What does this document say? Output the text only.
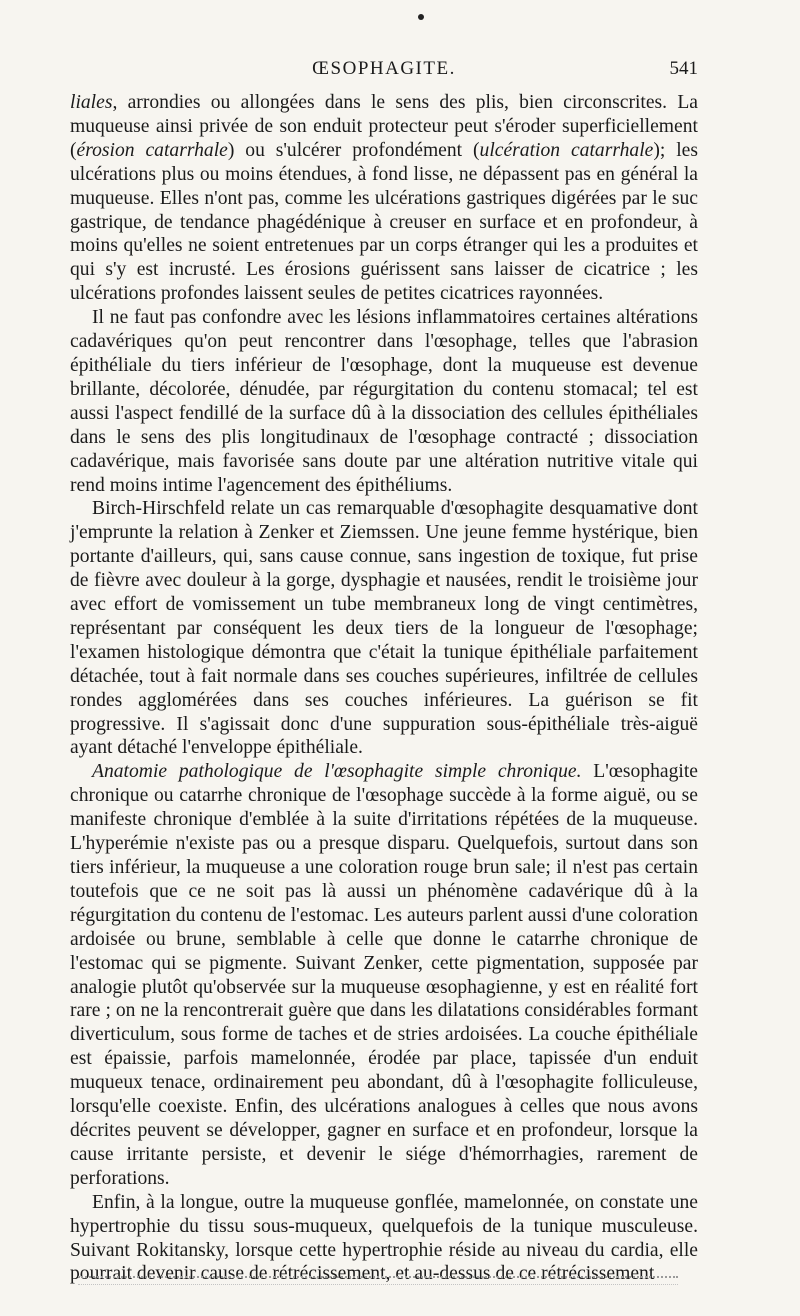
ŒSOPHAGITE.	541

liales, arrondies ou allongées dans le sens des plis, bien circonscrites. La muqueuse ainsi privée de son enduit protecteur peut s'éroder superficiellement (érosion catarrhale) ou s'ulcérer profondément (ulcération catarrhale); les ulcérations plus ou moins étendues, à fond lisse, ne dépassent pas en général la muqueuse. Elles n'ont pas, comme les ulcérations gastriques digérées par le suc gastrique, de tendance phagédénique à creuser en surface et en profondeur, à moins qu'elles ne soient entretenues par un corps étranger qui les a produites et qui s'y est incrusté. Les érosions guérissent sans laisser de cicatrice ; les ulcérations profondes laissent seules de petites cicatrices rayonnées.

Il ne faut pas confondre avec les lésions inflammatoires certaines altérations cadavériques qu'on peut rencontrer dans l'œsophage, telles que l'abrasion épithéliale du tiers inférieur de l'œsophage, dont la muqueuse est devenue brillante, décolorée, dénudée, par régurgitation du contenu stomacal; tel est aussi l'aspect fendillé de la surface dû à la dissociation des cellules épithéliales dans le sens des plis longitudinaux de l'œsophage contracté ; dissociation cadavérique, mais favorisée sans doute par une altération nutritive vitale qui rend moins intime l'agencement des épithéliums.

Birch-Hirschfeld relate un cas remarquable d'œsophagite desquamative dont j'emprunte la relation à Zenker et Ziemssen. Une jeune femme hystérique, bien portante d'ailleurs, qui, sans cause connue, sans ingestion de toxique, fut prise de fièvre avec douleur à la gorge, dysphagie et nausées, rendit le troisième jour avec effort de vomissement un tube membraneux long de vingt centimètres, représentant par conséquent les deux tiers de la longueur de l'œsophage; l'examen histologique démontra que c'était la tunique épithéliale parfaitement détachée, tout à fait normale dans ses couches supérieures, infiltrée de cellules rondes agglomérées dans ses couches inférieures. La guérison se fit progressive. Il s'agissait donc d'une suppuration sous-épithéliale très-aiguë ayant détaché l'enveloppe épithéliale.

Anatomie pathologique de l'œsophagite simple chronique. L'œsophagite chronique ou catarrhe chronique de l'œsophage succède à la forme aiguë, ou se manifeste chronique d'emblée à la suite d'irritations répétées de la muqueuse. L'hyperémie n'existe pas ou a presque disparu. Quelquefois, surtout dans son tiers inférieur, la muqueuse a une coloration rouge brun sale; il n'est pas certain toutefois que ce ne soit pas là aussi un phénomène cadavérique dû à la régurgitation du contenu de l'estomac. Les auteurs parlent aussi d'une coloration ardoisée ou brune, semblable à celle que donne le catarrhe chronique de l'estomac qui se pigmente. Suivant Zenker, cette pigmentation, supposée par analogie plutôt qu'observée sur la muqueuse œsophagienne, y est en réalité fort rare ; on ne la rencontrerait guère que dans les dilatations considérables formant diverticulum, sous forme de taches et de stries ardoisées. La couche épithéliale est épaissie, parfois mamelonnée, érodée par place, tapissée d'un enduit muqueux tenace, ordinairement peu abondant, dû à l'œsophagite folliculeuse, lorsqu'elle coexiste. Enfin, des ulcérations analogues à celles que nous avons décrites peuvent se développer, gagner en surface et en profondeur, lorsque la cause irritante persiste, et devenir le siége d'hémorrhagies, rarement de perforations.

Enfin, à la longue, outre la muqueuse gonflée, mamelonnée, on constate une hypertrophie du tissu sous-muqueux, quelquefois de la tunique musculeuse. Suivant Rokitansky, lorsque cette hypertrophie réside au niveau du cardia, elle pourrait devenir cause de rétrécissement, et au-dessus de ce rétrécissement
